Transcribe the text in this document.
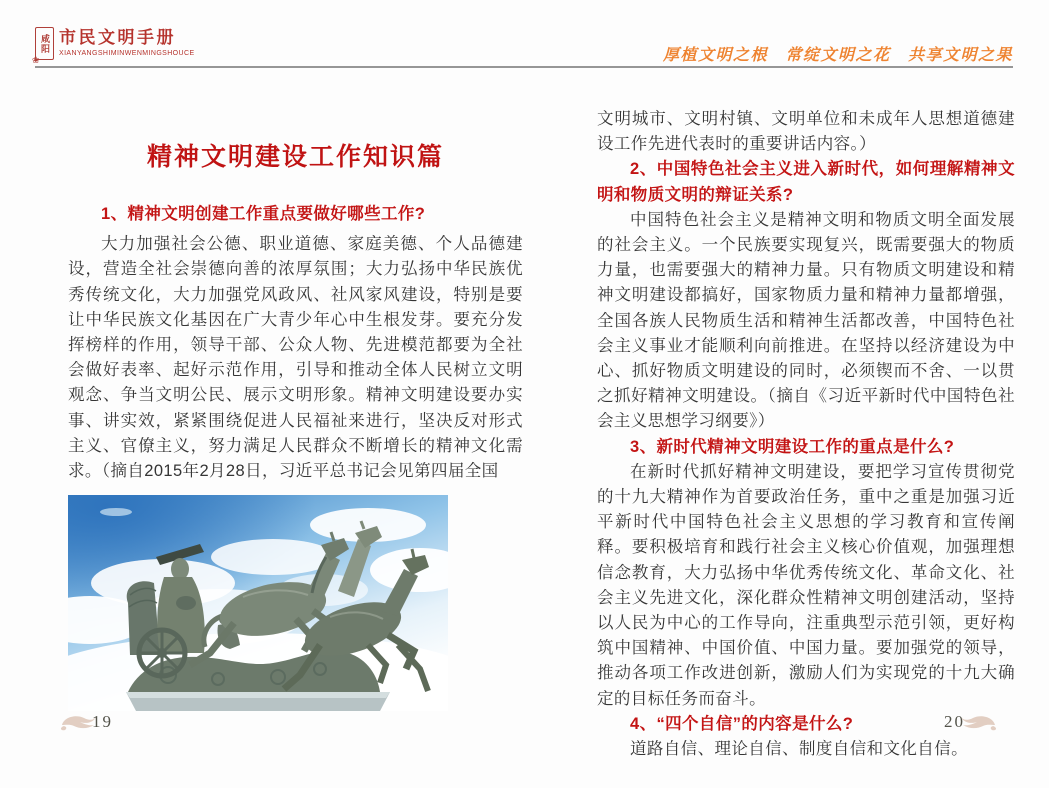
咸阳
❀
市民文明手册
XIANYANGSHIMINWENMINGSHOUCE	厚植文明之根　常绽文明之花　共享文明之果
精神文明建设工作知识篇
1、精神文明创建工作重点要做好哪些工作?

大力加强社会公德、职业道德、家庭美德、个人品德建设，营造全社会崇德向善的浓厚氛围；大力弘扬中华民族优秀传统文化，大力加强党风政风、社风家风建设，特别是要让中华民族文化基因在广大青少年心中生根发芽。要充分发挥榜样的作用，领导干部、公众人物、先进模范都要为全社会做好表率、起好示范作用，引导和推动全体人民树立文明观念、争当文明公民、展示文明形象。精神文明建设要办实事、讲实效，紧紧围绕促进人民福祉来进行，坚决反对形式主义、官僚主义，努力满足人民群众不断增长的精神文化需求。（摘自2015年2月28日，习近平总书记会见第四届全国

文明城市、文明村镇、文明单位和未成年人思想道德建设工作先进代表时的重要讲话内容。）

2、中国特色社会主义进入新时代，如何理解精神文明和物质文明的辩证关系?

中国特色社会主义是精神文明和物质文明全面发展的社会主义。一个民族要实现复兴，既需要强大的物质力量，也需要强大的精神力量。只有物质文明建设和精神文明建设都搞好，国家物质力量和精神力量都增强，全国各族人民物质生活和精神生活都改善，中国特色社会主义事业才能顺利向前推进。在坚持以经济建设为中心、抓好物质文明建设的同时，必须锲而不舍、一以贯之抓好精神文明建设。（摘自《习近平新时代中国特色社会主义思想学习纲要》）

3、新时代精神文明建设工作的重点是什么?

在新时代抓好精神文明建设，要把学习宣传贯彻党的十九大精神作为首要政治任务，重中之重是加强习近平新时代中国特色社会主义思想的学习教育和宣传阐释。要积极培育和践行社会主义核心价值观，加强理想信念教育，大力弘扬中华优秀传统文化、革命文化、社会主义先进文化，深化群众性精神文明创建活动，坚持以人民为中心的工作导向，注重典型示范引领，更好构筑中国精神、中国价值、中国力量。要加强党的领导，推动各项工作改进创新，激励人们为实现党的十九大确定的目标任务而奋斗。

4、“四个自信”的内容是什么?

道路自信、理论自信、制度自信和文化自信。

19	20
